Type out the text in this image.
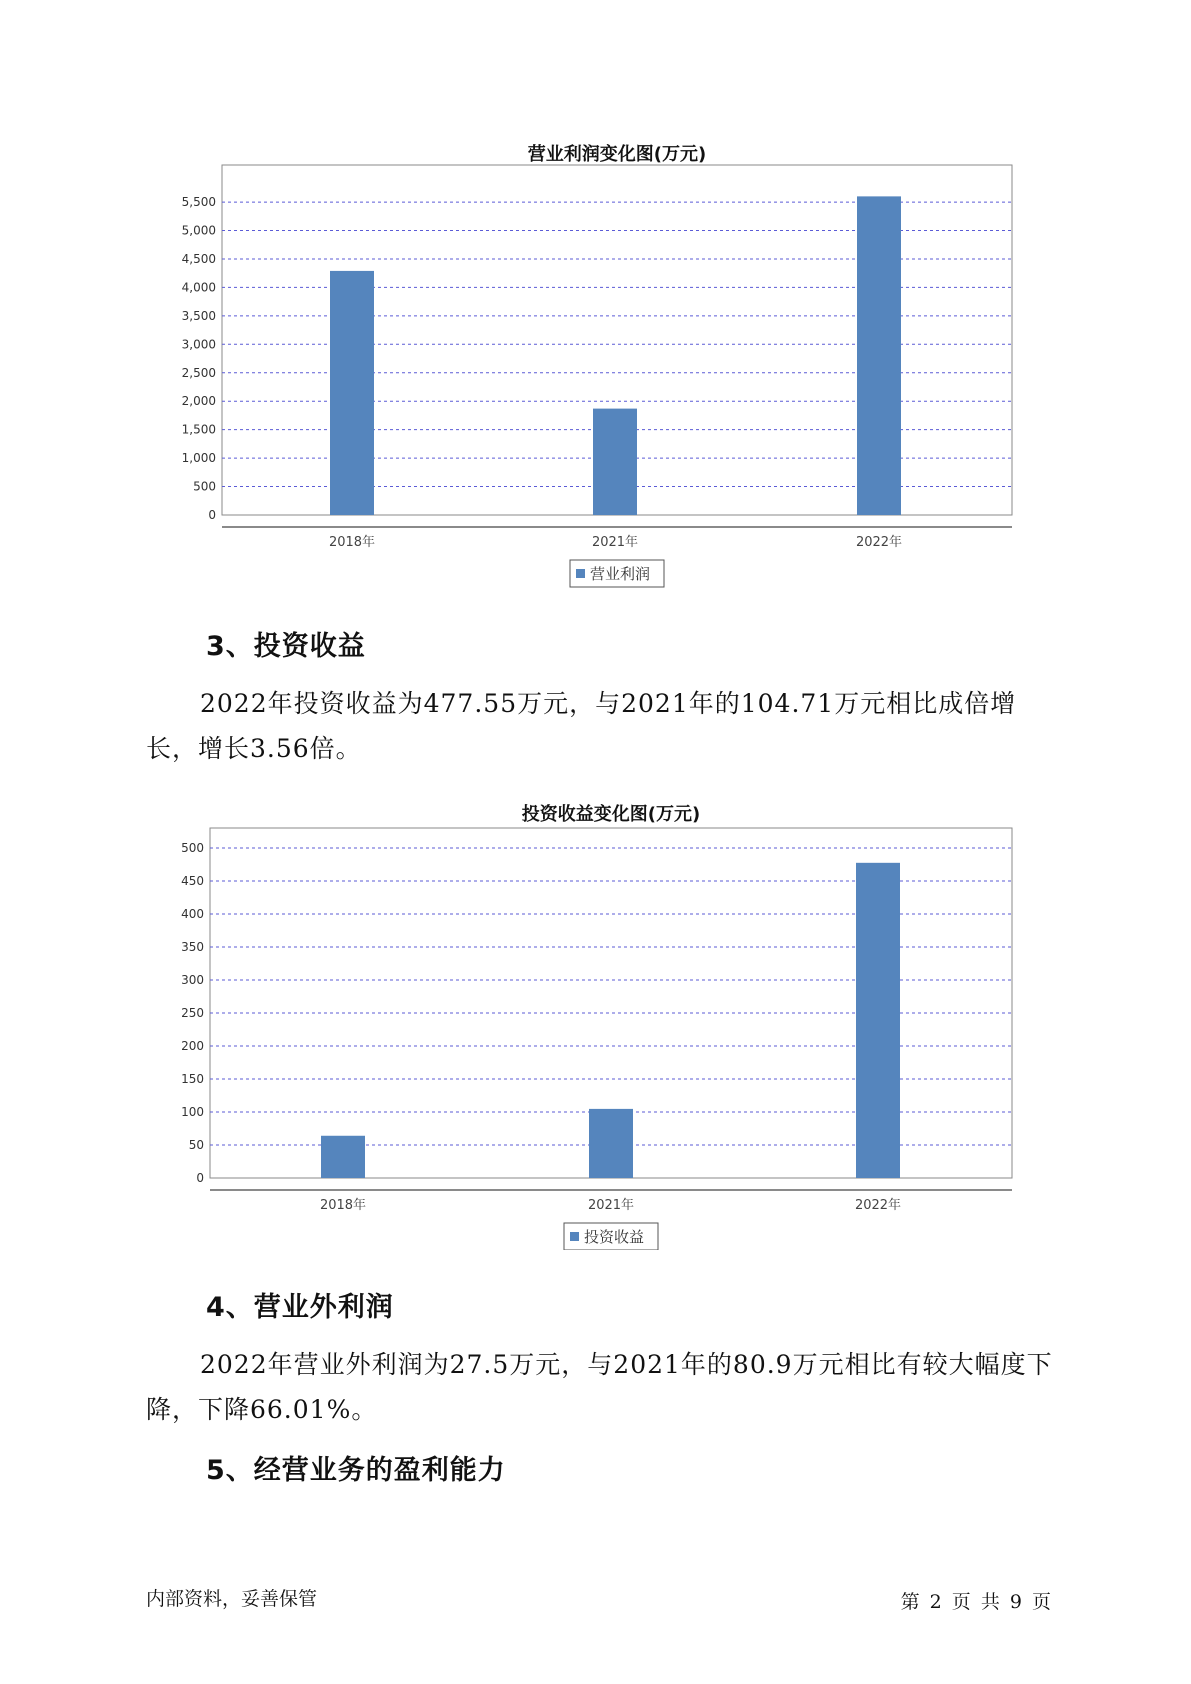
营业利润变化图(万元)
0
500
1,000
1,500
2,000
2,500
3,000
3,500
4,000
4,500
5,000
5,500
2018年	2021年	2022年
营业利润
3、投资收益

2022年投资收益为477.55万元，与2021年的104.71万元相比成倍增长，增长3.56倍。

投资收益变化图(万元)
0
50
100
150
200
250
300
350
400
450
500
2018年	2021年	2022年
投资收益
4、营业外利润

2022年营业外利润为27.5万元，与2021年的80.9万元相比有较大幅度下降，下降66.01%。

5、经营业务的盈利能力
内部资料，妥善保管	第 2 页 共 9 页
